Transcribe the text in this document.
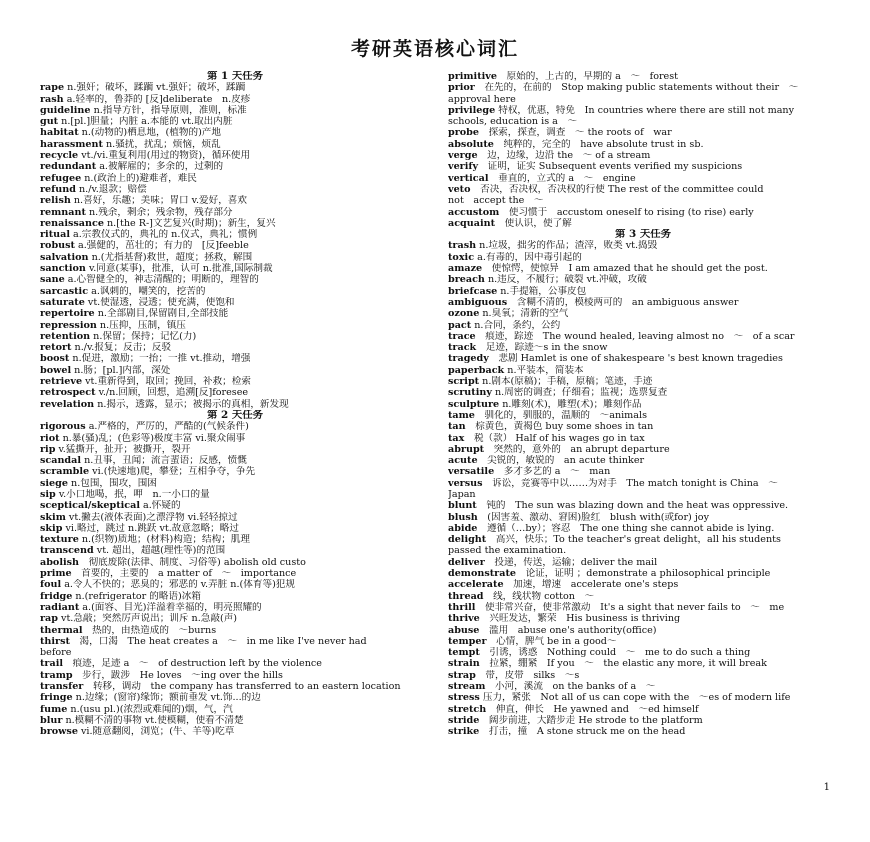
考研英语核心词汇
第 1 天任务
rape n.强奸；破坏，蹂躏 vt.强奸；破坏，蹂躏
rash a.轻率的，鲁莽的 [反]deliberate　n.皮疹
guideline n.指导方针，指导原则，准则，标准
gut n.[pl.]胆量；内脏 a.本能的 vt.取出内脏
habitat n.(动物的)栖息地，(植物的)产地
harassment n.骚扰，扰乱；烦恼，烦乱
recycle vt./vi.重复利用(用过的物资)，循环使用
redundant a.被解雇的；多余的，过剩的
refugee n.(政治上的)避难者，难民
refund n./v.退款；赔偿
relish n.喜好，乐趣；美味；胃口 v.爱好，喜欢
remnant n.残余，剩余；残余物，残存部分
renaissance n.[the R-]文艺复兴(时期)；新生，复兴
ritual a.宗教仪式的，典礼的 n.仪式，典礼；惯例
robust a.强健的，茁壮的；有力的　[反]feeble
salvation n.(尤指基督)救世，超度；拯救，解围
sanction v.同意(某事)，批准，认可 n.批准,国际制裁
sane a.心智健全的，神志清醒的；明断的，理智的
sarcastic a.讽刺的，嘲笑的，挖苦的
saturate vt.使湿透，浸透；使充满，使饱和
repertoire n.全部剧目,保留剧目,全部技能
repression n.压抑，压制，镇压
retention n.保留；保持；记忆(力)
retort n./v.报复；反击；反驳
boost n.促进，激励；一抬；一推 vt.推动，增强
bowel n.肠；[pl.]内部，深处
retrieve vt.重新得到，取回；挽回，补救；检索
retrospect v./n.回顾，回想，追溯[反]foresee
revelation n.揭示，透露，显示；被揭示的真相，新发现
第 2 天任务
rigorous a.严格的，严厉的，严酷的(气候条件)
riot n.暴(骚)乱；(色彩等)极度丰富 vi.聚众闹事
rip v.猛撕开，扯开；被撕开，裂开
scandal n.丑事，丑闻；流言蜚语；反感，愤慨
scramble vi.(快速地)爬，攀登；互相争夺，争先
siege n.包围，围攻，围困
sip v.小口地喝，抿，呷　n.一小口的量
sceptical/skeptical a.怀疑的
skim vt.撇去(液体表面)之漂浮物 vi.轻轻掠过
skip vi.略过，跳过 n.跳跃 vt.故意忽略；略过
texture n.(织物)质地；(材料)构造；结构；肌理
transcend vt. 超出，超越(理性等)的范围
abolish　彻底废除(法律、制度、习俗等) abolish old custo
prime　首要的，主要的　a matter of　～　importance
foul a.令人不快的；恶臭的；邪恶的 v.弄脏 n.(体育等)犯规
fridge n.(refrigerator 的略语)冰箱
radiant a.(面容、目光)洋溢着幸福的，明亮照耀的
rap vt.急敲；突然厉声说出；训斥 n.急敲(声)
thermal　热的，由热造成的　～burns
thirst　渴，口渴　The heat creates a　～　in me like I've never had
before
trail　痕迹，足迹 a　～　of destruction left by the violence
tramp　步行，跋涉　He loves　～ing over the hills
transfer　转移，调动　the company has transferred to an eastern location
fringe n.边缘；(窗帘)缘饰；额前垂发 vt.饰...的边
fume n.(usu pl.)(浓烈或难闻的)烟，气，汽
blur n.模糊不清的事物 vt.使模糊，使看不清楚
browse vi.随意翻阅，浏览；(牛、羊等)吃草
primitive　原始的，上古的，早期的 a　～　forest
prior　在先的，在前的　Stop making public statements without their　～
approval here
privilege 特权，优惠，特免　In countries where there are still not many
schools, education is a　～
probe　探索，探查，调查　～ the roots of　war
absolute　纯粹的，完全的　have absolute trust in sb.
verge　边，边缘，边沿 the　～ of a stream
verify　证明，证实 Subsequent events verified my suspicions
vertical　垂直的，立式的 a　～　engine
veto　否决，否决权，否决权的行使 The rest of the committee could
not　accept the　～
accustom　使习惯于　accustom oneself to rising (to rise) early
acquaint　使认识，使了解
第 3 天任务
trash n.垃圾，拙劣的作品；渣滓，败类 vt.捣毁
toxic a.有毒的，因中毒引起的
amaze　使惊愕，使惊异　I am amazed that he should get the post.
breach n.违反，不履行；破裂 vt.冲破，攻破
briefcase n.手提箱，公事皮包
ambiguous　含糊不清的，模棱两可的　an ambiguous answer
ozone n.臭氧；清新的空气
pact n.合同，条约，公约
trace　痕迹，踪迹　The wound healed, leaving almost no　～　of a scar
track　足迹，踪迹～s in the snow
tragedy　悲剧 Hamlet is one of shakespeare 's best known tragedies
paperback n.平装本，简装本
script n.剧本(原稿)；手稿，原稿；笔迹，手迹
scrutiny n.周密的调查；仔细看；监视；选票复查
sculpture n.雕刻(术)，雕塑(术)；雕刻作品
tame　驯化的，驯服的，温顺的　～animals
tan　棕黄色，黄褐色 buy some shoes in tan
tax　税（款） Half of his wages go in tax
abrupt　突然的，意外的　an abrupt departure
acute　尖锐的，敏锐的　an acute thinker
versatile　多才多艺的 a　～　man
versus　诉讼，竞赛等中以……为对手　The match tonight is China　～
Japan
blunt　钝的　The sun was blazing down and the heat was oppressive.
blush　(因害羞、激动、窘困)脸红　blush with(或for) joy
abide　遵循（…by）；容忍　The one thing she cannot abide is lying.
delight　高兴，快乐；To the teacher's great delight，all his students
passed the examination.
deliver　投递，传送，运输；deliver the mail
demonstrate　论证，证明 ；demonstrate a philosophical principle
accelerate　加速，增速　accelerate one's steps
thread　线，线状物 cotton　～
thrill　使非常兴奋，使非常激动　It's a sight that never fails to　～　me
thrive　兴旺发达，繁荣　His business is thriving
abuse　滥用　abuse one's authority(office)
temper　心情，脾气 be in a good～
tempt　引诱，诱惑　Nothing could　～　me to do such a thing
strain　拉紧，绷紧　If you　～　the elastic any more, it will break
strap　带，皮带　silks　～s
stream　小河，溪流　on the banks of a　～
stress 压力，紧张　Not all of us can cope with the　～es of modern life
stretch　伸直，伸长　He yawned and　～ed himself
stride　阔步前进，大踏步走 He strode to the platform
strike　打击，撞　A stone struck me on the head
1
